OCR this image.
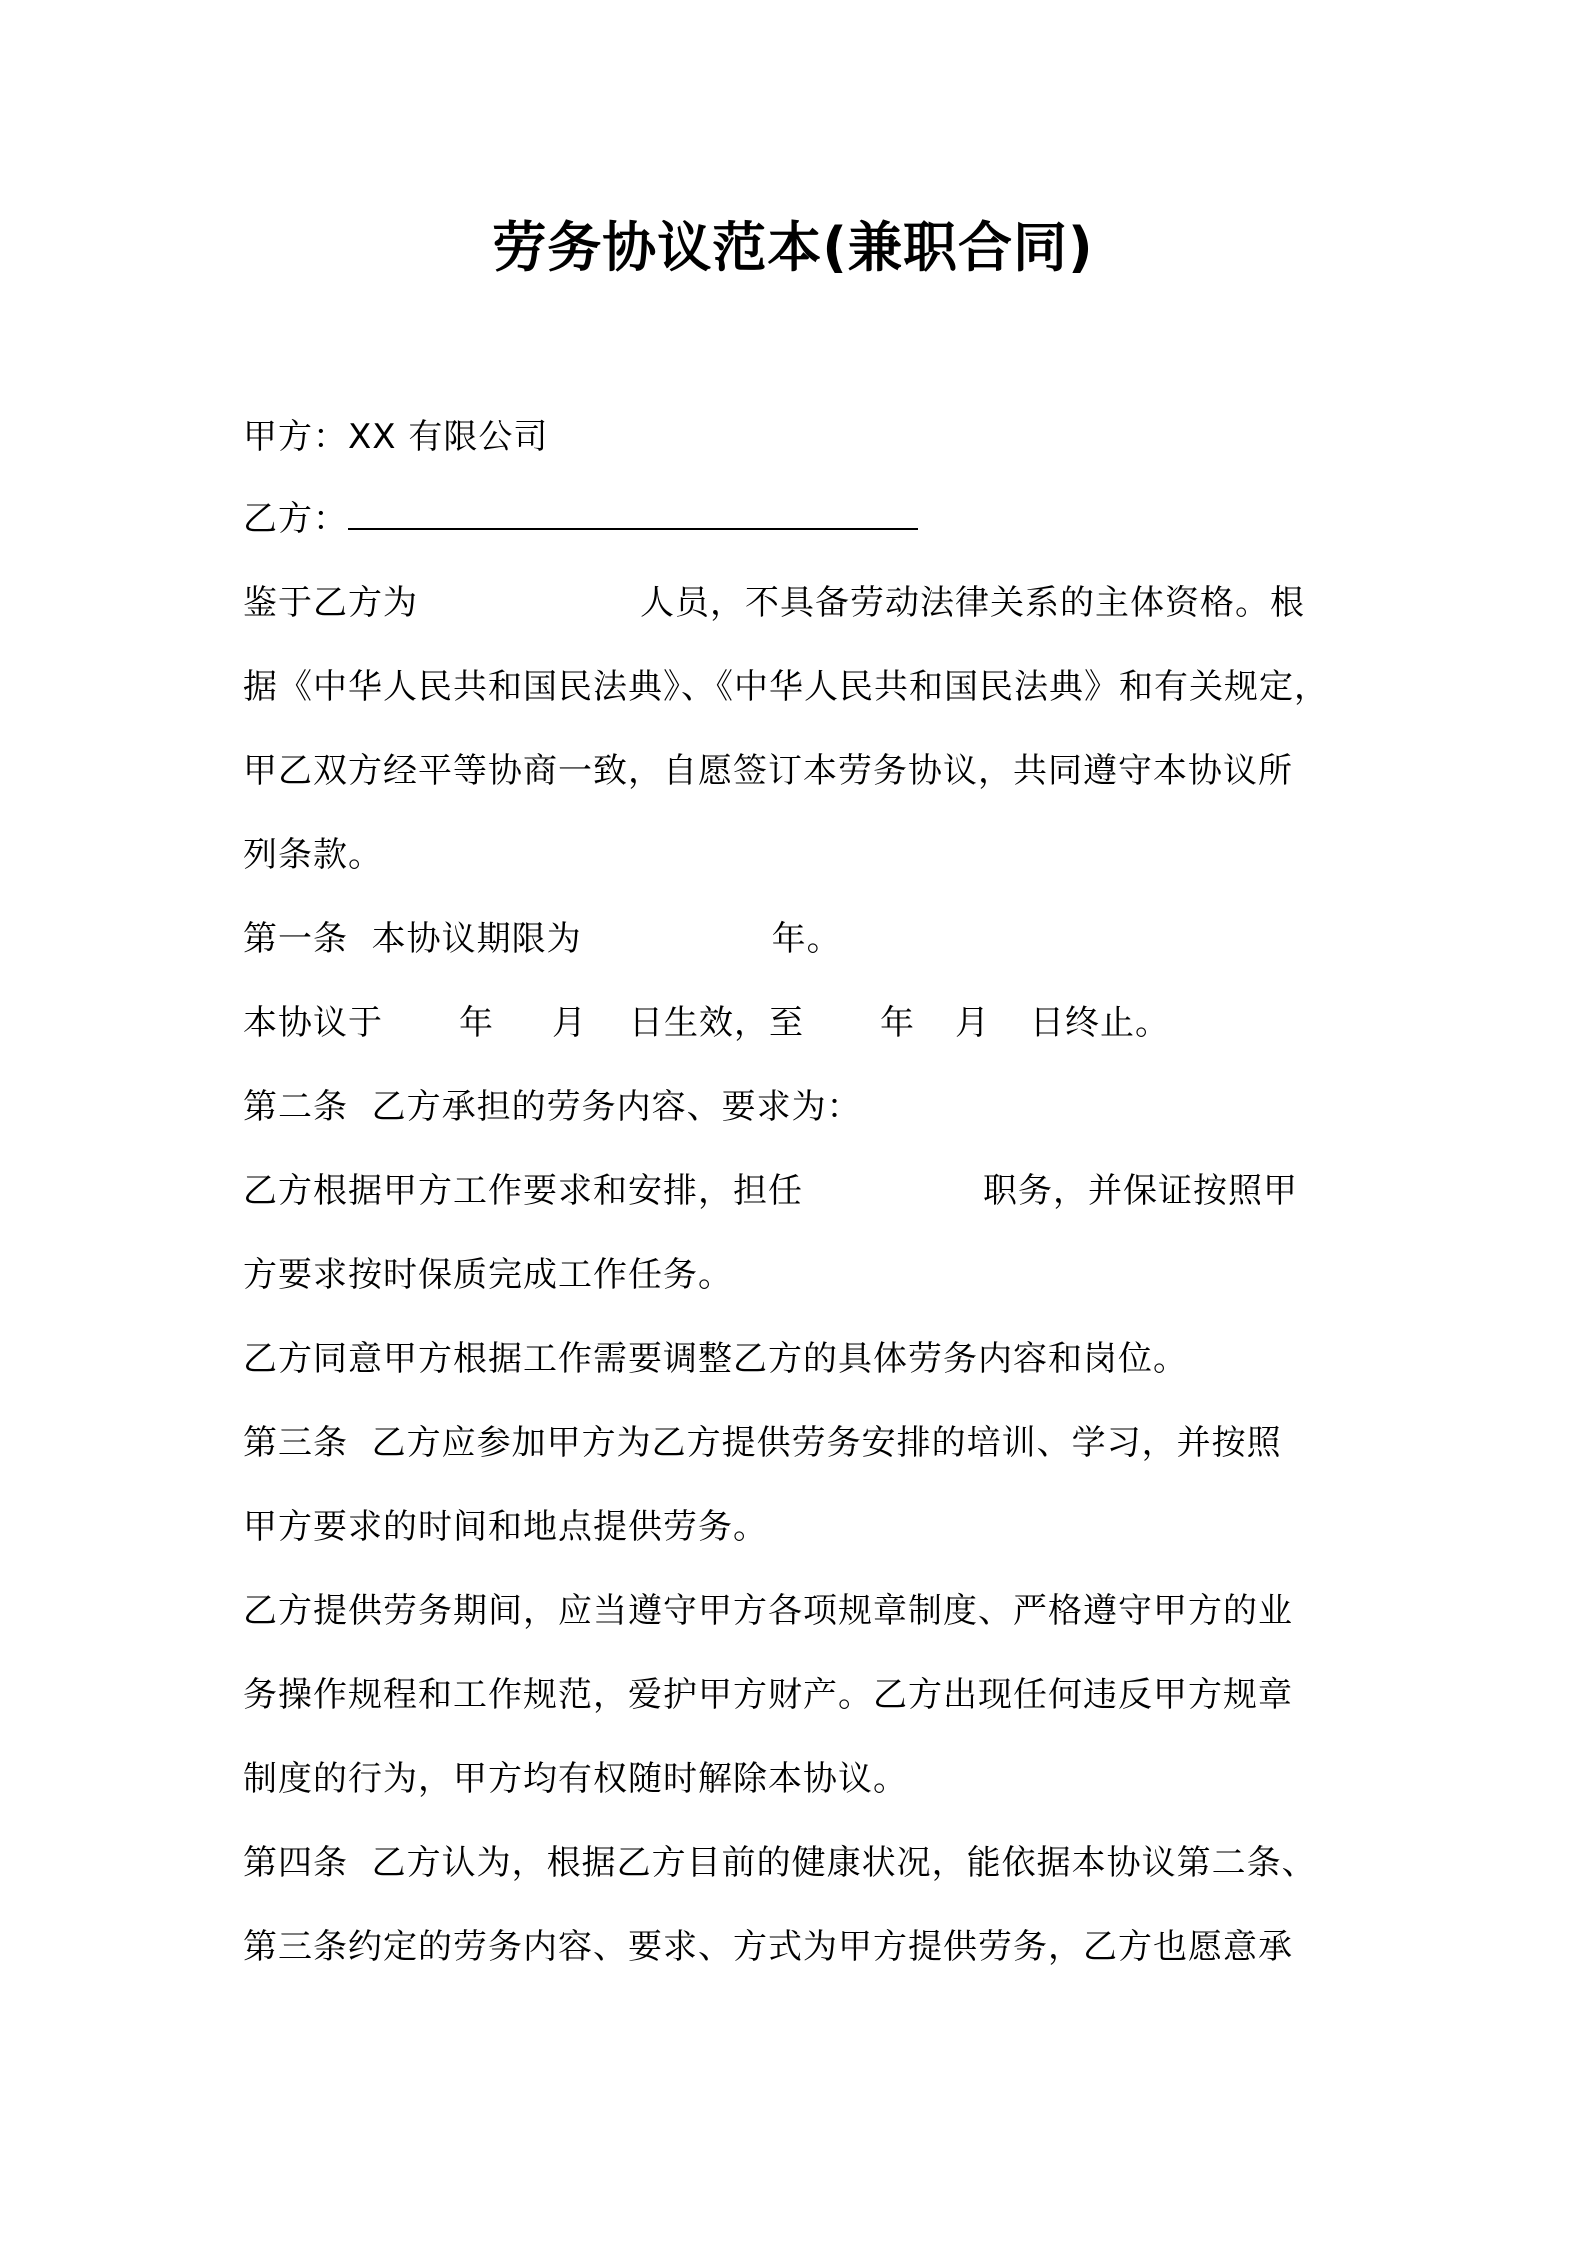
劳务协议范本(兼职合同)
甲方：XX 有限公司
乙方：
鉴于乙方为	人员，不具备劳动法律关系的主体资格。根
据《中华人民共和国民法典》、《中华人民共和国民法典》和有关规定，
甲乙双方经平等协商一致，自愿签订本劳务协议，共同遵守本协议所
列条款。
第一条  本协议期限为	年。
本协议于 年 月 日生效，至 年 月 日终止。
第二条  乙方承担的劳务内容、要求为：
乙方根据甲方工作要求和安排，担任	职务，并保证按照甲
方要求按时保质完成工作任务。
乙方同意甲方根据工作需要调整乙方的具体劳务内容和岗位。
第三条  乙方应参加甲方为乙方提供劳务安排的培训、学习，并按照
甲方要求的时间和地点提供劳务。
乙方提供劳务期间，应当遵守甲方各项规章制度、严格遵守甲方的业
务操作规程和工作规范，爱护甲方财产。乙方出现任何违反甲方规章
制度的行为，甲方均有权随时解除本协议。
第四条  乙方认为，根据乙方目前的健康状况，能依据本协议第二条、
第三条约定的劳务内容、要求、方式为甲方提供劳务，乙方也愿意承
